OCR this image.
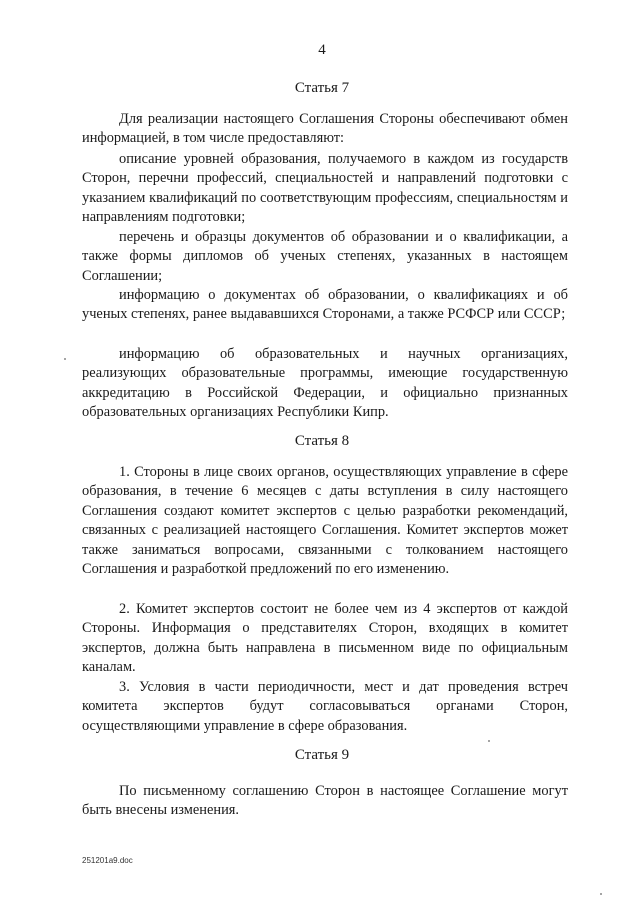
4
Статья 7
Для реализации настоящего Соглашения Стороны обеспечивают обмен информацией, в том числе предоставляют:
описание уровней образования, получаемого в каждом из государств Сторон, перечни профессий, специальностей и направлений подготовки с указанием квалификаций по соответствующим профессиям, специальностям и направлениям подготовки;
перечень и образцы документов об образовании и о квалификации, а также формы дипломов об ученых степенях, указанных в настоящем Соглашении;
информацию о документах об образовании, о квалификациях и об ученых степенях, ранее выдававшихся Сторонами, а также РСФСР или СССР;
информацию об образовательных и научных организациях, реализующих образовательные программы, имеющие государственную аккредитацию в Российской Федерации, и официально признанных образовательных организациях Республики Кипр.
Статья 8
1. Стороны в лице своих органов, осуществляющих управление в сфере образования, в течение 6 месяцев с даты вступления в силу настоящего Соглашения создают комитет экспертов с целью разработки рекомендаций, связанных с реализацией настоящего Соглашения. Комитет экспертов может также заниматься вопросами, связанными с толкованием настоящего Соглашения и разработкой предложений по его изменению.
2. Комитет экспертов состоит не более чем из 4 экспертов от каждой Стороны. Информация о представителях Сторон, входящих в комитет экспертов, должна быть направлена в письменном виде по официальным каналам.
3. Условия в части периодичности, мест и дат проведения встреч комитета экспертов будут согласовываться органами Сторон, осуществляющими управление в сфере образования.
Статья 9
По письменному соглашению Сторон в настоящее Соглашение могут быть внесены изменения.
251201a9.doc
